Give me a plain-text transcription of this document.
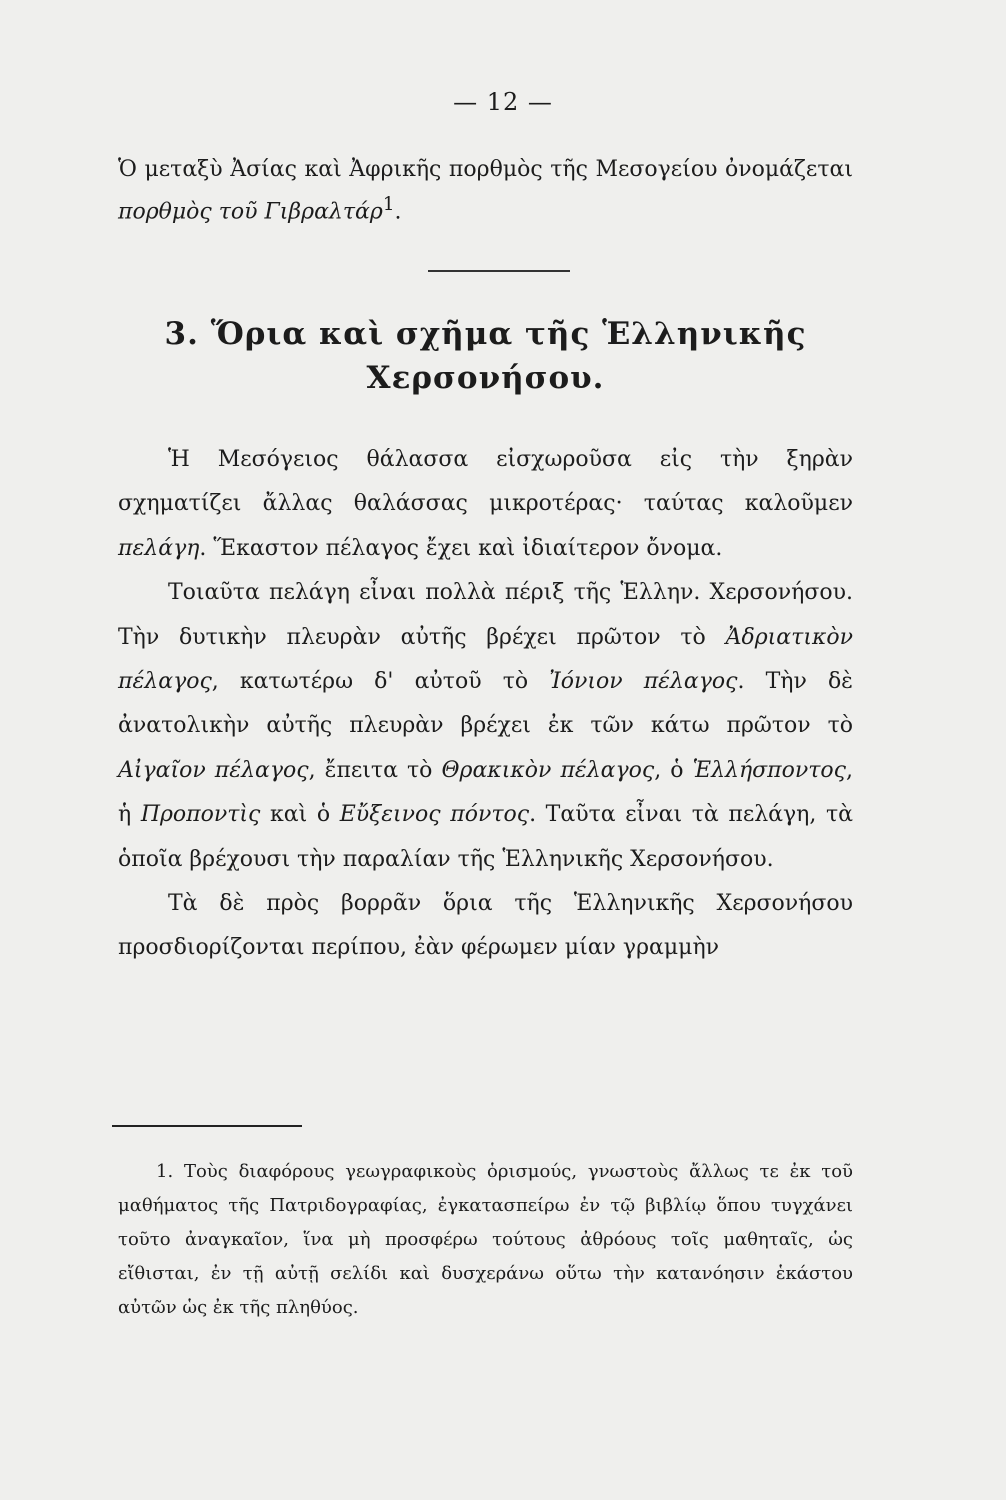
— 12 —

Ὁ μεταξὺ Ἀσίας καὶ Ἀφρικῆς πορθμὸς τῆς Μεσογείου ὀνομάζεται πορθμὸς τοῦ Γιβραλτάρ$^1$.

3. Ὅρια καὶ σχῆμα τῆς Ἑλληνικῆς Χερσονήσου.

Ἡ Μεσόγειος θάλασσα εἰσχωροῦσα εἰς τὴν ξηρὰν σχηματίζει ἄλλας θαλάσσας μικροτέρας· ταύτας καλοῦμεν πελάγη. Ἕκαστον πέλαγος ἔχει καὶ ἰδιαίτερον ὄνομα.

Τοιαῦτα πελάγη εἶναι πολλὰ πέριξ τῆς Ἑλλην. Χερσονήσου. Τὴν δυτικὴν πλευρὰν αὐτῆς βρέχει πρῶτον τὸ Ἀδριατικὸν πέλαγος, κατωτέρω δ' αὐτοῦ τὸ Ἰόνιον πέλαγος. Τὴν δὲ ἀνατολικὴν αὐτῆς πλευρὰν βρέχει ἐκ τῶν κάτω πρῶτον τὸ Αἰγαῖον πέλαγος, ἔπειτα τὸ Θρακικὸν πέλαγος, ὁ Ἑλλήσποντος, ἡ Προποντὶς καὶ ὁ Εὔξεινος πόντος. Ταῦτα εἶναι τὰ πελάγη, τὰ ὁποῖα βρέχουσι τὴν παραλίαν τῆς Ἑλληνικῆς Χερσονήσου.

Τὰ δὲ πρὸς βορρᾶν ὅρια τῆς Ἑλληνικῆς Χερσονήσου προσδιορίζονται περίπου, ἐὰν φέρωμεν μίαν γραμμὴν

1. Τοὺς διαφόρους γεωγραφικοὺς ὁρισμούς, γνωστοὺς ἄλλως τε ἐκ τοῦ μαθήματος τῆς Πατριδογραφίας, ἐγκατασπείρω ἐν τῷ βιβλίῳ ὅπου τυγχάνει τοῦτο ἀναγκαῖον, ἵνα μὴ προσφέρω τούτους ἀθρόους τοῖς μαθηταῖς, ὡς εἴθισται, ἐν τῇ αὐτῇ σελίδι καὶ δυσχεράνω οὕτω τὴν κατανόησιν ἑκάστου αὐτῶν ὡς ἐκ τῆς πληθύος.
